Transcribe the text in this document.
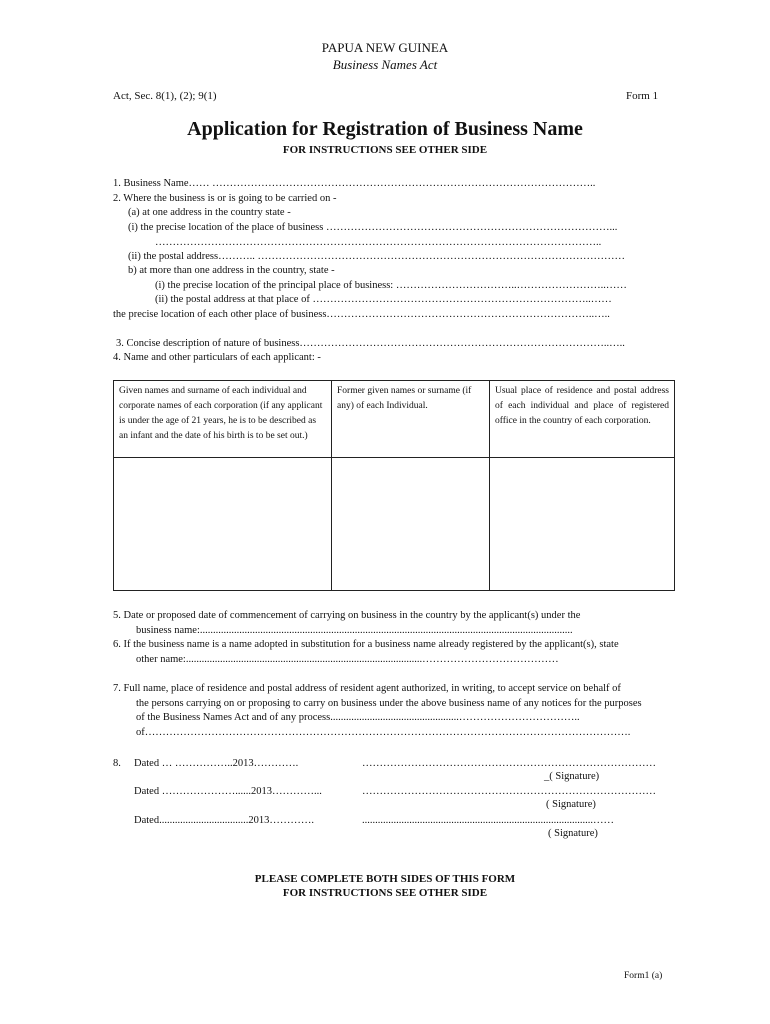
PAPUA NEW GUINEA
Business Names Act
Act, Sec. 8(1), (2); 9(1)	Form 1
Application for Registration of Business Name
FOR INSTRUCTIONS SEE OTHER SIDE
1. Business Name…… ………………………………………………………………………………………………..
2. Where the business is or is going to be carried on -
(a) at one address in the country state -
(i) the precise location of the place of business ………………………………………………………………………...
………………………………………………………………………………………………………………..
(ii) the postal address……….. ……………………………………………………………………………………………
b) at more than one address in the country, state -
(i) the precise location of the principal place of business: ……………………………..……………………..……
(ii) the postal address at that place of ……………………………………………………………………..……
the precise location of each other place of business…………………………………………………………………..…..
3. Concise description of nature of business……………………………………………………………………………..…..
4. Name and other particulars of each applicant: -
Given names and surname of each individual and corporate names of each corporation (if any applicant is under the age of 21 years, he is to be described as an infant and the date of his birth is to be set out.)	Former given names or surname (if any) of each Individual.	Usual place of residence and postal address of each individual and place of registered office in the country of each corporation.

5. Date or proposed date of commencement of carrying on business in the country by the applicant(s) under the
business name:..............................................................................................................................................
6. If the business name is a name adopted in substitution for a business name already registered by the applicant(s), state
other name:..........................................................................................…………………………………
7. Full name, place of residence and postal address of resident agent authorized, in writing, to accept service on behalf of
the persons carrying on or proposing to carry on business under the above business name of any notices for the purposes
of the Business Names Act and of any process.................................................……………………………..
of………………………………………………………………………………………………………………………….
8. Dated … ……………..2013………….	…………………………………………………………………………
_( Signature)
Dated …………………......2013…………...	…………………………………………………………………………
( Signature)
Dated..................................2013………….	........................................................................................……
( Signature)
PLEASE COMPLETE BOTH SIDES OF THIS FORM
FOR INSTRUCTIONS SEE OTHER SIDE
Form1 (a)
